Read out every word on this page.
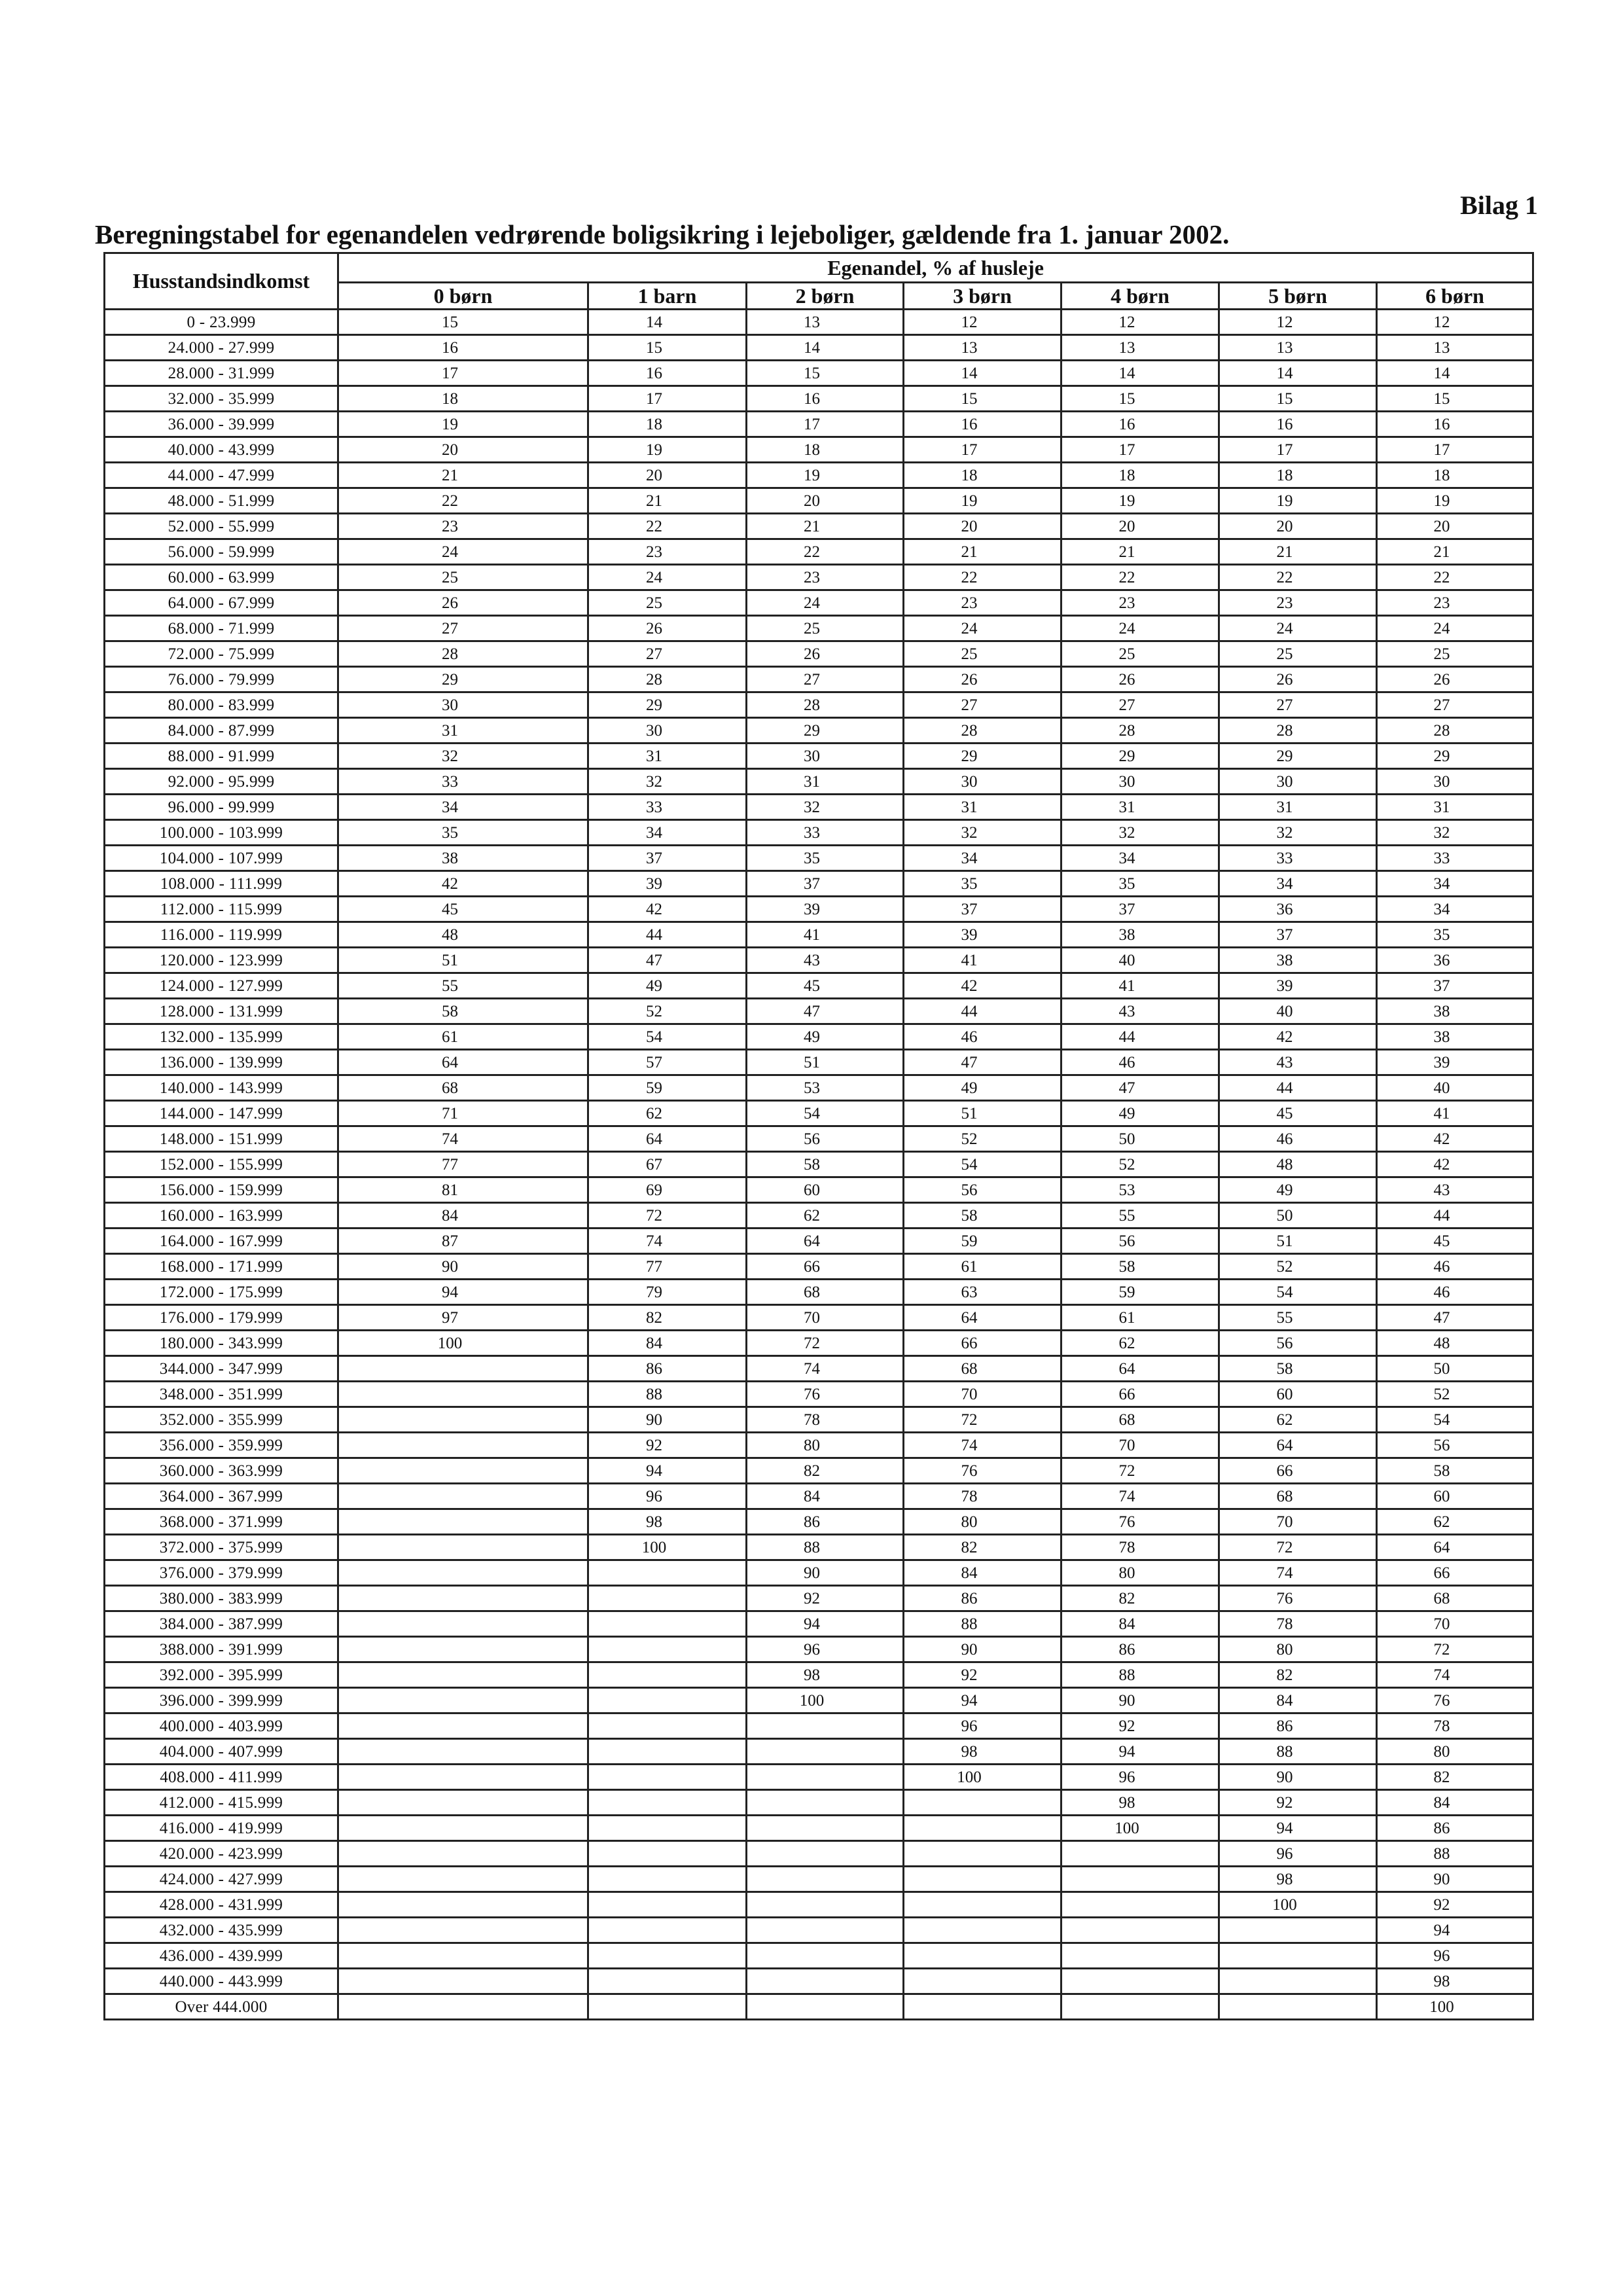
Bilag 1
Beregningstabel for egenandelen vedrørende boligsikring i lejeboliger, gældende fra 1. januar 2002.
Husstandsindkomst	Egenandel, % af husleje						
	0 børn	1 barn	2 børn	3 børn	4 børn	5 børn	6 børn
0 - 23.999	15	14	13	12	12	12	12
24.000 - 27.999	16	15	14	13	13	13	13
28.000 - 31.999	17	16	15	14	14	14	14
32.000 - 35.999	18	17	16	15	15	15	15
36.000 - 39.999	19	18	17	16	16	16	16
40.000 - 43.999	20	19	18	17	17	17	17
44.000 - 47.999	21	20	19	18	18	18	18
48.000 - 51.999	22	21	20	19	19	19	19
52.000 - 55.999	23	22	21	20	20	20	20
56.000 - 59.999	24	23	22	21	21	21	21
60.000 - 63.999	25	24	23	22	22	22	22
64.000 - 67.999	26	25	24	23	23	23	23
68.000 - 71.999	27	26	25	24	24	24	24
72.000 - 75.999	28	27	26	25	25	25	25
76.000 - 79.999	29	28	27	26	26	26	26
80.000 - 83.999	30	29	28	27	27	27	27
84.000 - 87.999	31	30	29	28	28	28	28
88.000 - 91.999	32	31	30	29	29	29	29
92.000 - 95.999	33	32	31	30	30	30	30
96.000 - 99.999	34	33	32	31	31	31	31
100.000 - 103.999	35	34	33	32	32	32	32
104.000 - 107.999	38	37	35	34	34	33	33
108.000 - 111.999	42	39	37	35	35	34	34
112.000 - 115.999	45	42	39	37	37	36	34
116.000 - 119.999	48	44	41	39	38	37	35
120.000 - 123.999	51	47	43	41	40	38	36
124.000 - 127.999	55	49	45	42	41	39	37
128.000 - 131.999	58	52	47	44	43	40	38
132.000 - 135.999	61	54	49	46	44	42	38
136.000 - 139.999	64	57	51	47	46	43	39
140.000 - 143.999	68	59	53	49	47	44	40
144.000 - 147.999	71	62	54	51	49	45	41
148.000 - 151.999	74	64	56	52	50	46	42
152.000 - 155.999	77	67	58	54	52	48	42
156.000 - 159.999	81	69	60	56	53	49	43
160.000 - 163.999	84	72	62	58	55	50	44
164.000 - 167.999	87	74	64	59	56	51	45
168.000 - 171.999	90	77	66	61	58	52	46
172.000 - 175.999	94	79	68	63	59	54	46
176.000 - 179.999	97	82	70	64	61	55	47
180.000 - 343.999	100	84	72	66	62	56	48
344.000 - 347.999		86	74	68	64	58	50
348.000 - 351.999		88	76	70	66	60	52
352.000 - 355.999		90	78	72	68	62	54
356.000 - 359.999		92	80	74	70	64	56
360.000 - 363.999		94	82	76	72	66	58
364.000 - 367.999		96	84	78	74	68	60
368.000 - 371.999		98	86	80	76	70	62
372.000 - 375.999		100	88	82	78	72	64
376.000 - 379.999			90	84	80	74	66
380.000 - 383.999			92	86	82	76	68
384.000 - 387.999			94	88	84	78	70
388.000 - 391.999			96	90	86	80	72
392.000 - 395.999			98	92	88	82	74
396.000 - 399.999			100	94	90	84	76
400.000 - 403.999				96	92	86	78
404.000 - 407.999				98	94	88	80
408.000 - 411.999				100	96	90	82
412.000 - 415.999					98	92	84
416.000 - 419.999					100	94	86
420.000 - 423.999						96	88
424.000 - 427.999						98	90
428.000 - 431.999						100	92
432.000 - 435.999							94
436.000 - 439.999							96
440.000 - 443.999							98
Over 444.000							100
